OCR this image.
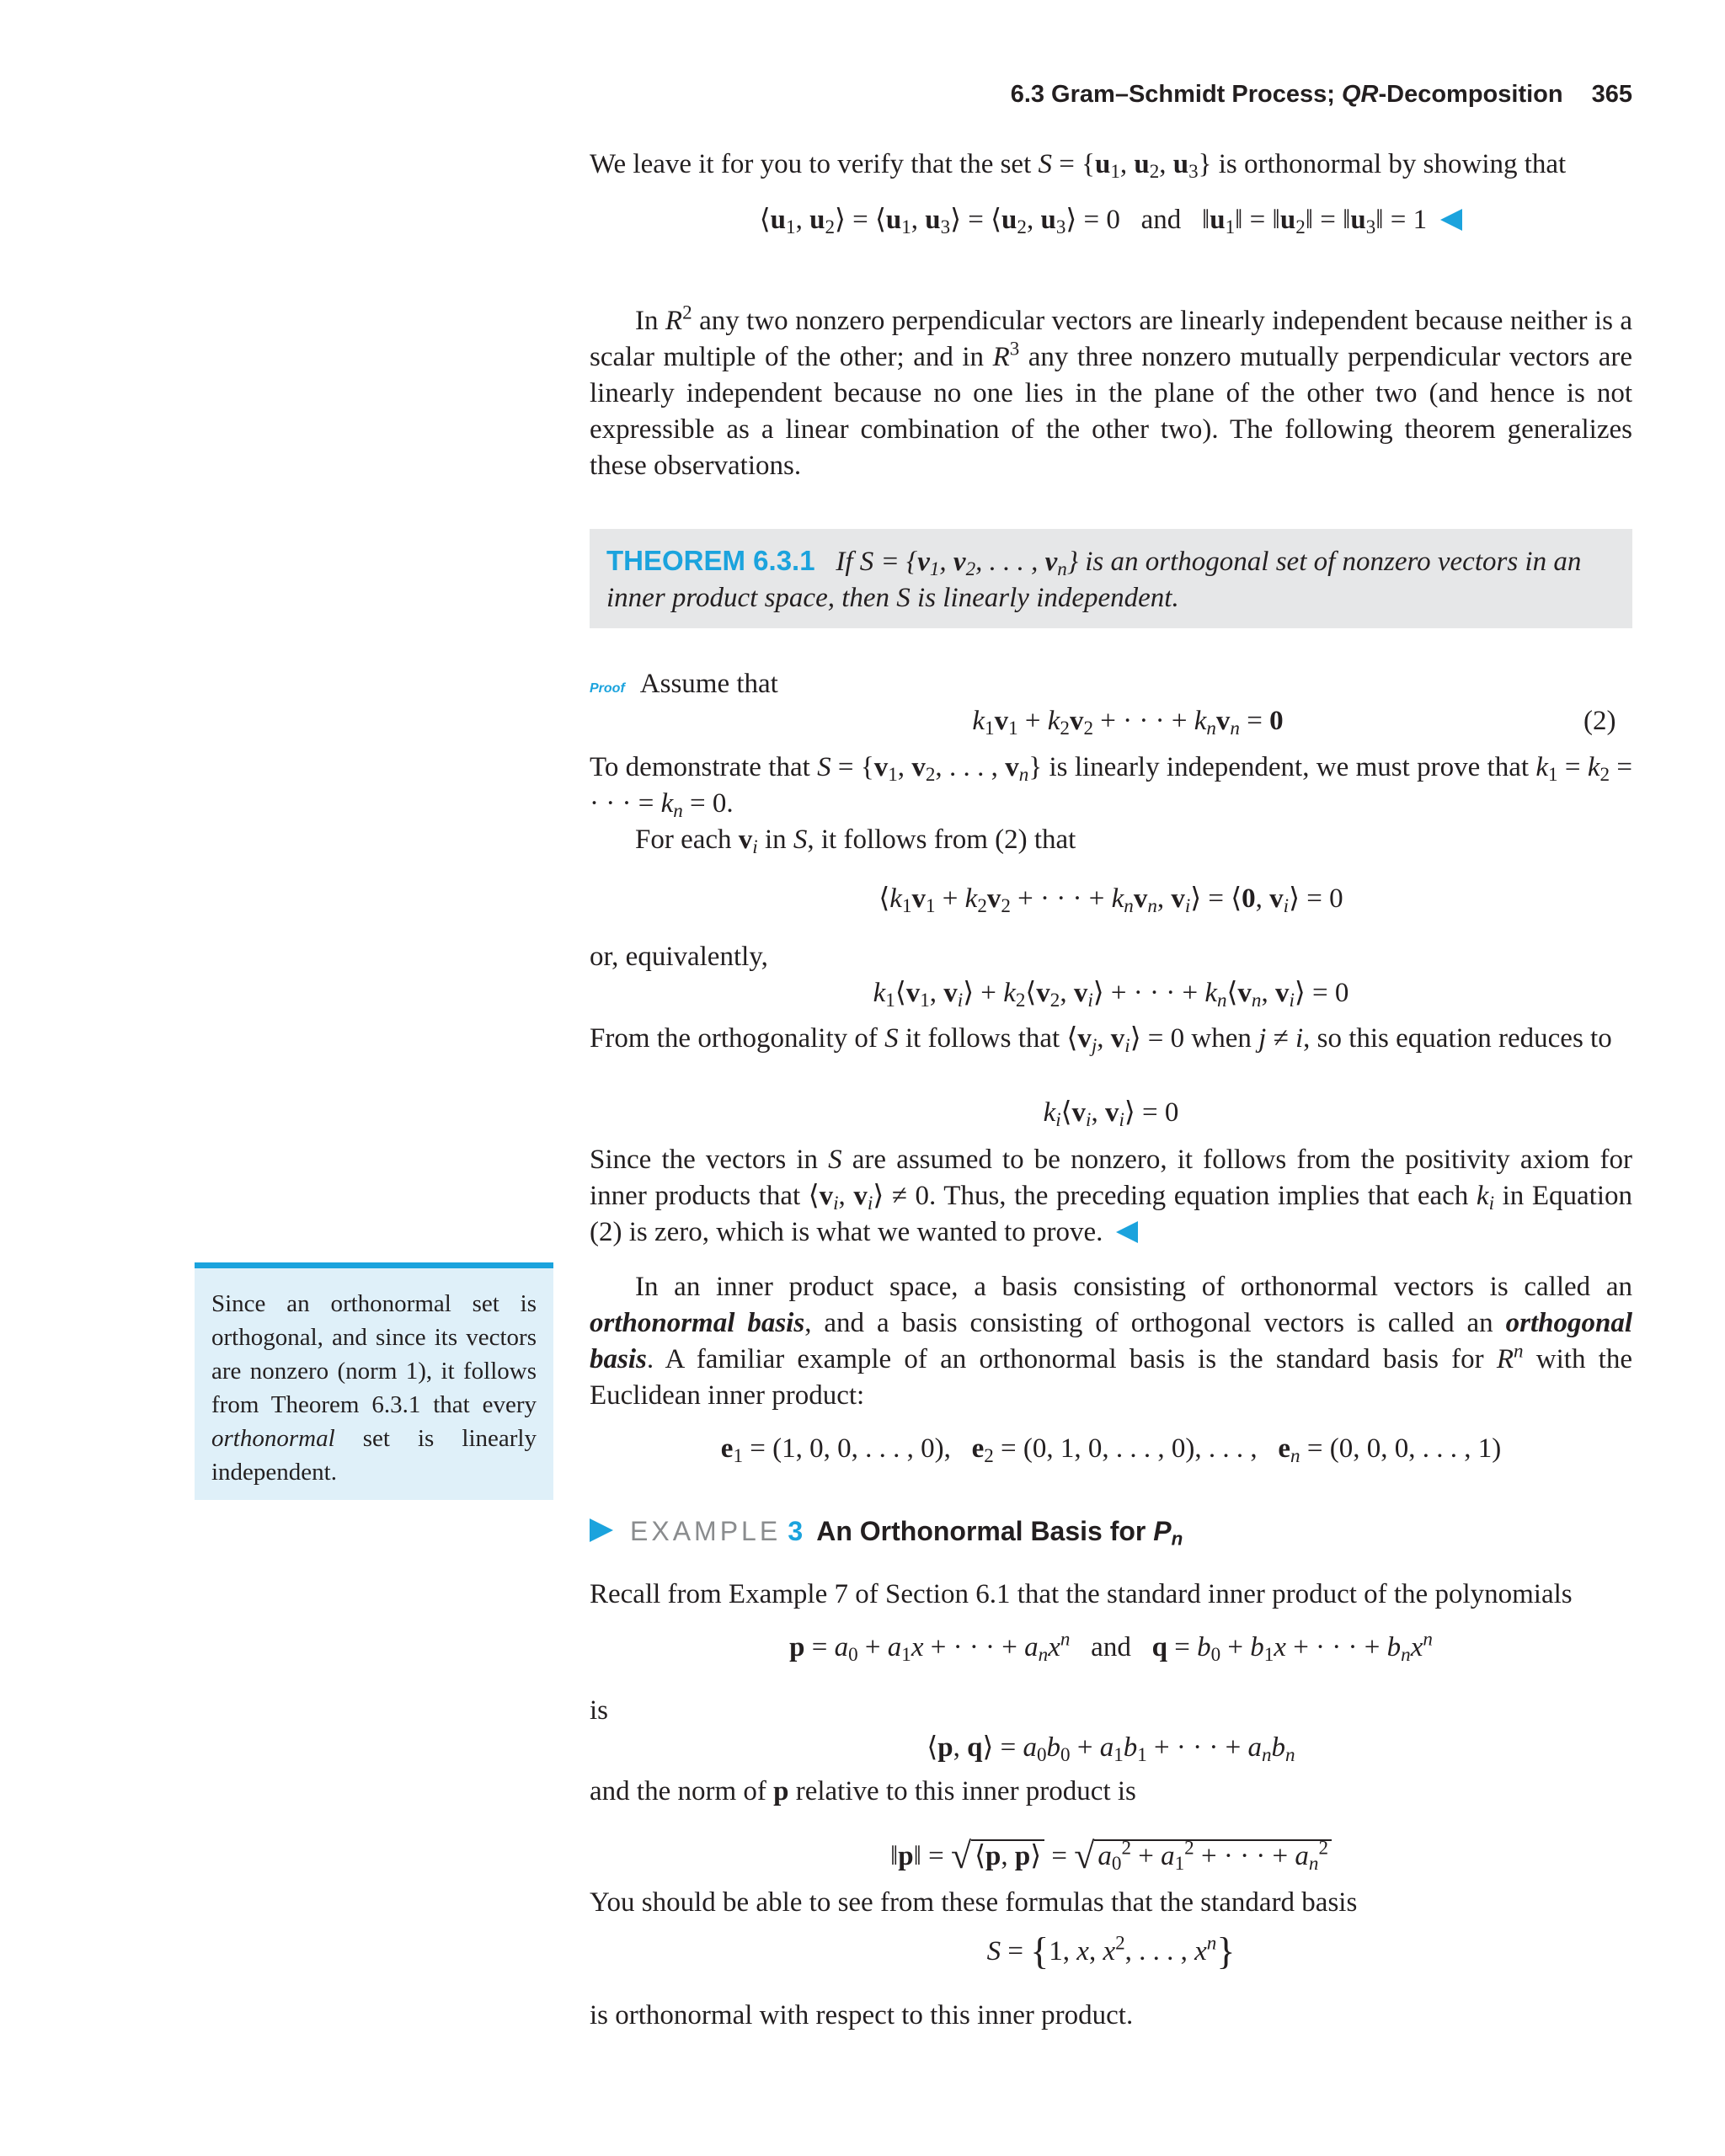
6.3 Gram–Schmidt Process; QR-Decomposition 365

We leave it for you to verify that the set $S = \{u_1$, $u_2$, $u_3$} is orthonormal by showing that

$⟨u_1$, $u_2⟩$ = $⟨u_1$, $u_3⟩$ = $⟨u_2$, $u_3⟩ = 0$   and   $‖u_1‖$ = $‖u_2‖$ = $‖u_3‖ = 1$

In $R^2$ any two nonzero perpendicular vectors are linearly independent because neither is a scalar multiple of the other; and in $R^3$ any three nonzero mutually perpendicular vectors are linearly independent because no one lies in the plane of the other two (and hence is not expressible as a linear combination of the other two). The following theorem generalizes these observations.

THEOREM 6.3.1   If $S = \{v_1$, $v_2$, . . . , $v_n$} is an orthogonal set of nonzero vectors in an inner product space, then S is linearly independent.
Proof Assume that
$k_1v_1 + k_2v_2$ + · · · + $k_nv_n = 0$	(2)

To demonstrate that $S = \{v_1$, $v_2$, . . . , $v_n$} is linearly independent, we must prove that $k_1 = k_2$ = · · · = $k_n = 0$.

For each $v_i$ in S, it follows from (2) that

$⟨k_1v_1 + k_2v_2$ + · · · + $k_nv_n$, $v_i⟩$ = ⟨0, $v_i⟩ = 0$

or, equivalently,

$k_1⟨v_1$, $v_i⟩$ + $k_2⟨v_2$, $v_i⟩$ + · · · + $k_n⟨v_n$, $v_i⟩ = 0$

From the orthogonality of S it follows that $⟨v_j$, $v_i⟩ = 0$ when j ≠ i, so this equation reduces to

$k_i⟨v_i$, $v_i⟩ = 0$

Since the vectors in S are assumed to be nonzero, it follows from the positivity axiom for inner products that $⟨v_i$, $v_i⟩ \ne 0$. Thus, the preceding equation implies that each $k_i$ in Equation (2) is zero, which is what we wanted to prove.

Since an orthonormal set is orthogonal, and since its vectors are nonzero (norm 1), it follows from Theorem 6.3.1 that every orthonormal set is linearly independent.

In an inner product space, a basis consisting of orthonormal vectors is called an orthonormal basis, and a basis consisting of orthogonal vectors is called an orthogonal basis. A familiar example of an orthonormal basis is the standard basis for $R^n$ with the Euclidean inner product:

$e_1 = (1$, 0, 0, . . . , 0),   $e_2 = (0$, 1, 0, . . . , 0), . . . ,   $e_n = (0$, 0, 0, . . . , 1)
EXAMPLE 3 An Orthonormal Basis for $P_n$

Recall from Example 7 of Section 6.1 that the standard inner product of the polynomials

$p = a_0 + a_1x$ + · · · + $a_nx^n$   and   $q = b_0 + b_1x$ + · · · + $b_nx^n$

is

⟨p, q⟩ = $a_0b_0 + a_1b_1$ + · · · + $a_nb_n$

and the norm of p relative to this inner product is

‖p‖ = √ ⟨p, p⟩ = √ $a_0^2 + a_1^2$ + · · · + $a_n^2$

You should be able to see from these formulas that the standard basis

S = {1, x, $x^2$, . . . , $x^n$}

is orthonormal with respect to this inner product.
